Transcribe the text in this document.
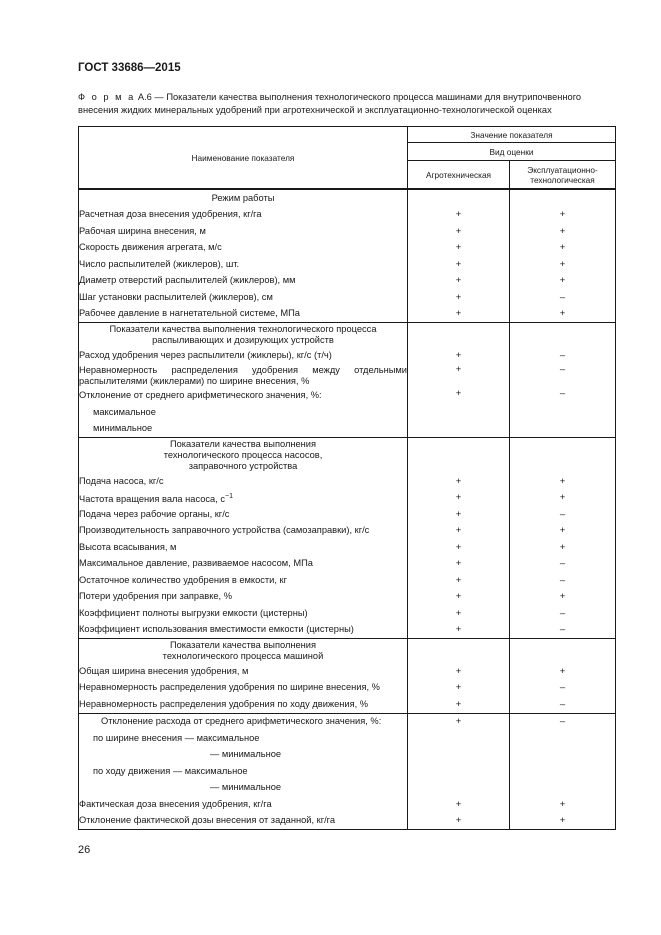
ГОСТ 33686—2015

Ф о р м а А.6 — Показатели качества выполнения технологического процесса машинами для внутрипочвенного внесения жидких минеральных удобрений при агротехнической и эксплуатационно-технологической оценках

Наименование показателя	Значение показателя	
	Вид оценки	
	Агротехническая	Эксплуатационно-технологическая
Режим работы		
Расчетная доза внесения удобрения, кг/га	+	+
Рабочая ширина внесения, м	+	+
Скорость движения агрегата, м/с	+	+
Число распылителей (жиклеров), шт.	+	+
Диаметр отверстий распылителей (жиклеров), мм	+	+
Шаг установки распылителей (жиклеров), см	+	–
Рабочее давление в нагнетательной системе, МПа	+	+
Показатели качества выполнения технологического процесса распыливающих и дозирующих устройств		
Расход удобрения через распылители (жиклеры), кг/с (т/ч)	+	–
Неравномерность распределения удобрения между отдельными распылителями (жиклерами) по ширине внесения, %	+	–
Отклонение от среднего арифметического значения, %:	+	–
максимальное		
минимальное		
Показатели качества выполнения технологического процесса насосов, заправочного устройства		
Подача насоса, кг/с	+	+
Частота вращения вала насоса, $с^{-1}$	+	+
Подача через рабочие органы, кг/с	+	–
Производительность заправочного устройства (самозаправки), кг/с	+	+
Высота всасывания, м	+	+
Максимальное давление, развиваемое насосом, МПа	+	–
Остаточное количество удобрения в емкости, кг	+	–
Потери удобрения при заправке, %	+	+
Коэффициент полноты выгрузки емкости (цистерны)	+	–
Коэффициент использования вместимости емкости (цистерны)	+	–
Показатели качества выполнения технологического процесса машиной		
Общая ширина внесения удобрения, м	+	+
Неравномерность распределения удобрения по ширине внесения, %	+	–
Неравномерность распределения удобрения по ходу движения, %	+	–
Отклонение расхода от среднего арифметического значения, %:	+	–
по ширине внесения — максимальное		
— минимальное		
по ходу движения — максимальное		
— минимальное		
Фактическая доза внесения удобрения, кг/га	+	+
Отклонение фактической дозы внесения от заданной, кг/га	+	+

26
